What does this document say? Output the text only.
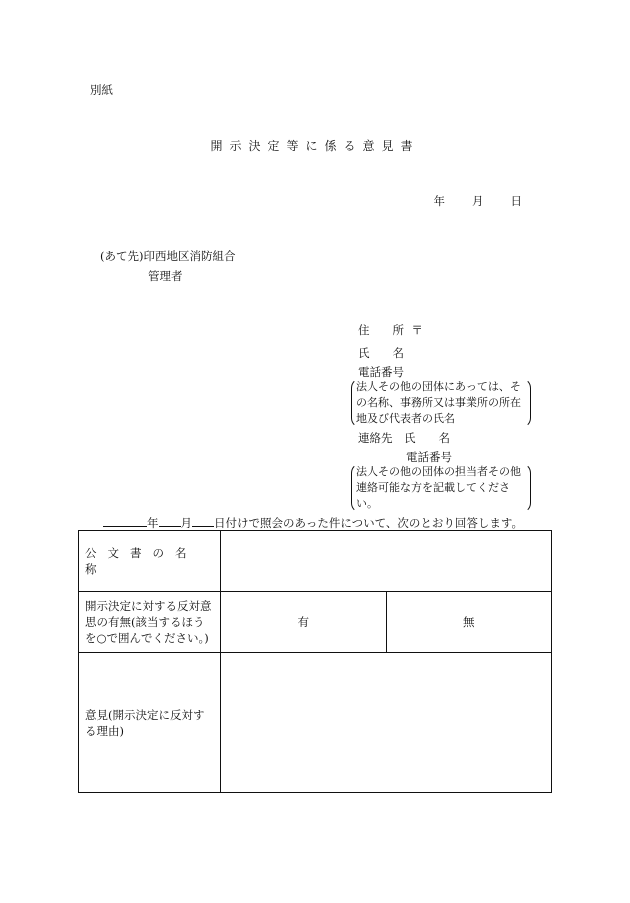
別紙
開示決定等に係る意見書
年 月 日
(あて先)印西地区消防組合
管理者
住　　所 〒
氏　　名
電話番号
法人その他の団体にあっては、その名称、事務所又は事業所の所在地及び代表者の氏名
連絡先　氏　　名
電話番号
法人その他の団体の担当者その他連絡可能な方を記載してください。
年 月 日付けで照会のあった件について、次のとおり回答します。
公文書の名称		
開示決定に対する反対意思の有無(該当するほうを○で囲んでください。)	有	無
意見(開示決定に反対する理由)		
